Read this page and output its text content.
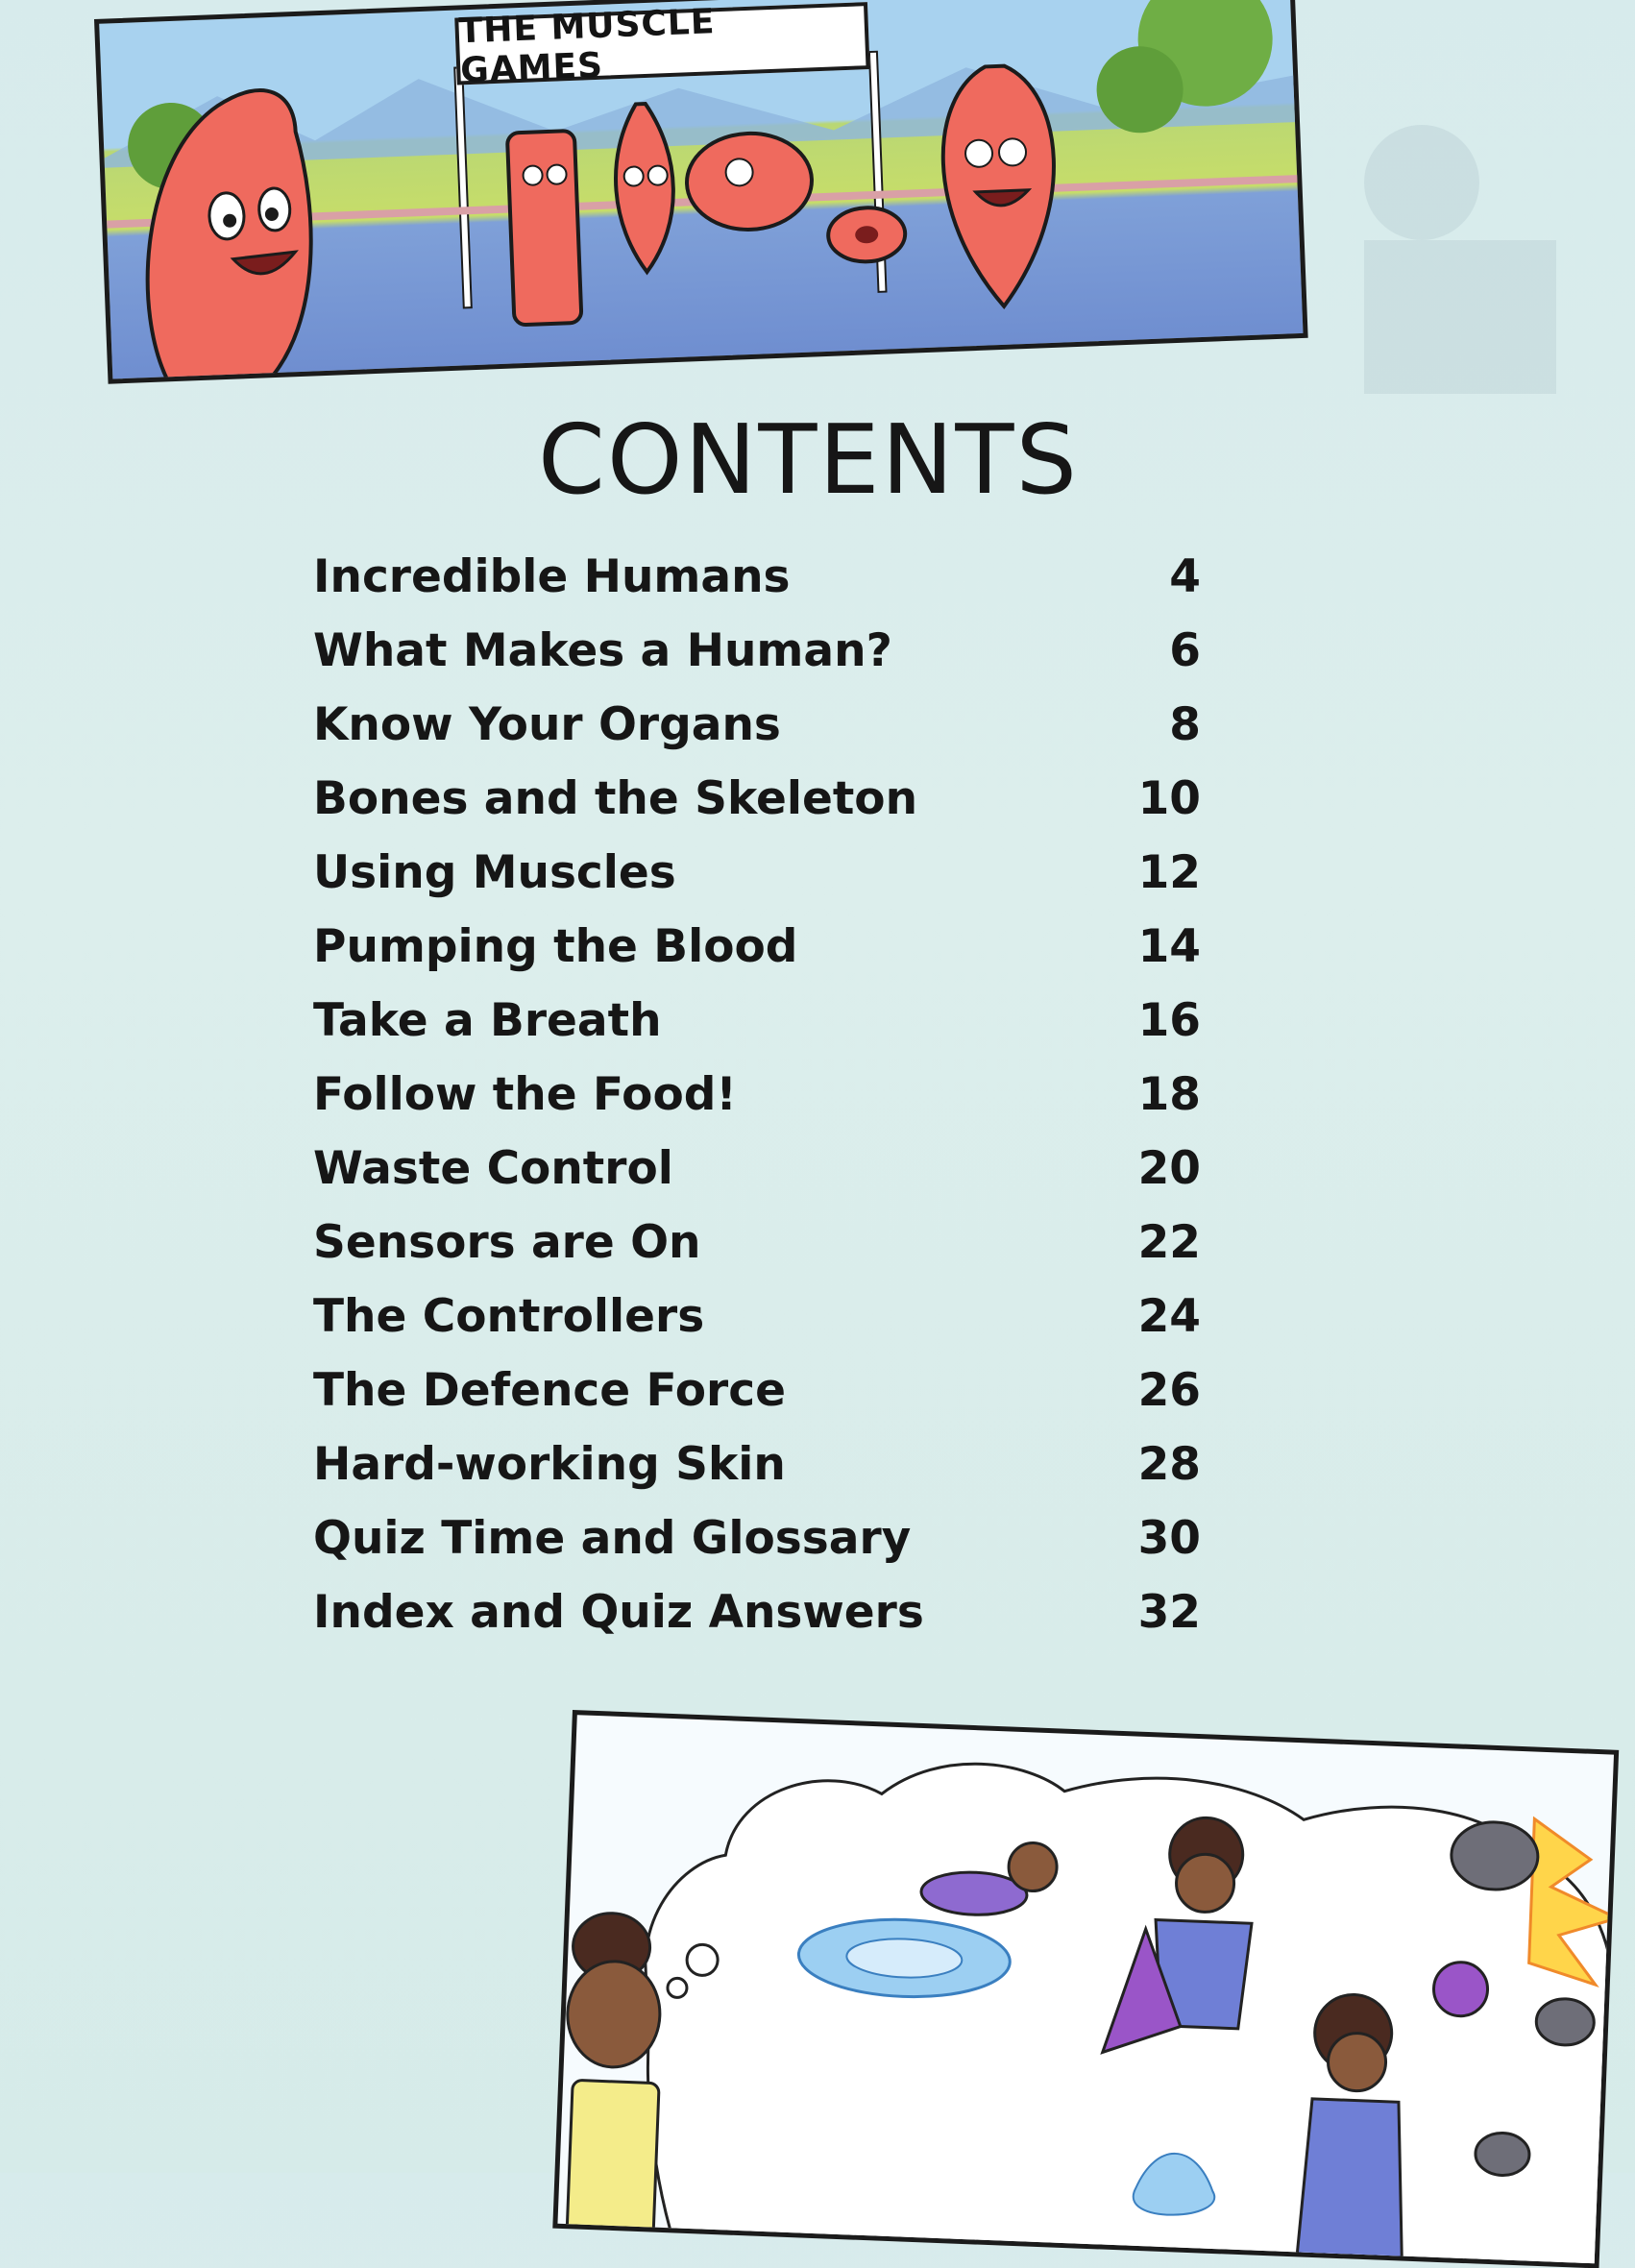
THE MUSCLE GAMES
CONTENTS
Incredible Humans	4
What Makes a Human?	6
Know Your Organs	8
Bones and the Skeleton	10
Using Muscles	12
Pumping the Blood	14
Take a Breath	16
Follow the Food!	18
Waste Control	20
Sensors are On	22
The Controllers	24
The Defence Force	26
Hard-working Skin	28
Quiz Time and Glossary	30
Index and Quiz Answers	32
